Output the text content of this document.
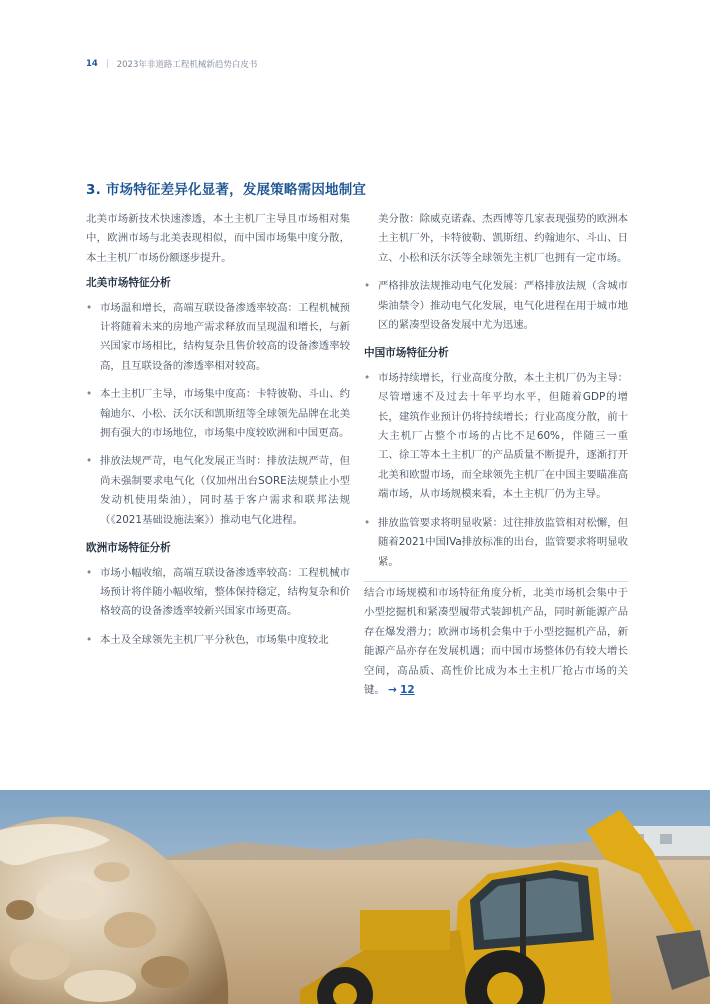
14 | 2023年非道路工程机械新趋势白皮书
3. 市场特征差异化显著，发展策略需因地制宜

北美市场新技术快速渗透，本土主机厂主导且市场相对集中，欧洲市场与北美表现相似，而中国市场集中度分散，本土主机厂市场份额逐步提升。

北美市场特征分析

• 市场温和增长，高端互联设备渗透率较高：工程机械预计将随着未来的房地产需求释放而呈现温和增长，与新兴国家市场相比，结构复杂且售价较高的设备渗透率较高，且互联设备的渗透率相对较高。

• 本土主机厂主导，市场集中度高：卡特彼勒、斗山、约翰迪尔、小松、沃尔沃和凯斯纽等全球领先品牌在北美拥有强大的市场地位，市场集中度较欧洲和中国更高。

• 排放法规严苛，电气化发展正当时：排放法规严苛，但尚未强制要求电气化（仅加州出台SORE法规禁止小型发动机使用柴油），同时基于客户需求和联邦法规（《2021基础设施法案》）推动电气化进程。

欧洲市场特征分析

• 市场小幅收缩，高端互联设备渗透率较高：工程机械市场预计将伴随小幅收缩，整体保持稳定，结构复杂和价格较高的设备渗透率较新兴国家市场更高。

• 本土及全球领先主机厂平分秋色，市场集中度较北

美分散：除威克诺森、杰西博等几家表现强势的欧洲本土主机厂外，卡特彼勒、凯斯纽、约翰迪尔、斗山、日立、小松和沃尔沃等全球领先主机厂也拥有一定市场。

• 严格排放法规推动电气化发展：严格排放法规（含城市柴油禁令）推动电气化发展，电气化进程在用于城市地区的紧凑型设备发展中尤为迅速。

中国市场特征分析

• 市场持续增长，行业高度分散，本土主机厂仍为主导：尽管增速不及过去十年平均水平，但随着GDP的增长，建筑作业预计仍将持续增长；行业高度分散，前十大主机厂占整个市场的占比不足60%，伴随三一重工、徐工等本土主机厂的产品质量不断提升，逐渐打开北美和欧盟市场，而全球领先主机厂在中国主要瞄准高端市场，从市场规模来看，本土主机厂仍为主导。

• 排放监管要求将明显收紧：过往排放监管相对松懈，但随着2021中国IVa排放标准的出台，监管要求将明显收紧。

结合市场规模和市场特征角度分析，北美市场机会集中于小型挖掘机和紧凑型履带式装卸机产品，同时新能源产品存在爆发潜力；欧洲市场机会集中于小型挖掘机产品，新能源产品亦存在发展机遇；而中国市场整体仍有较大增长空间，高品质、高性价比成为本土主机厂抢占市场的关键。 → 12
